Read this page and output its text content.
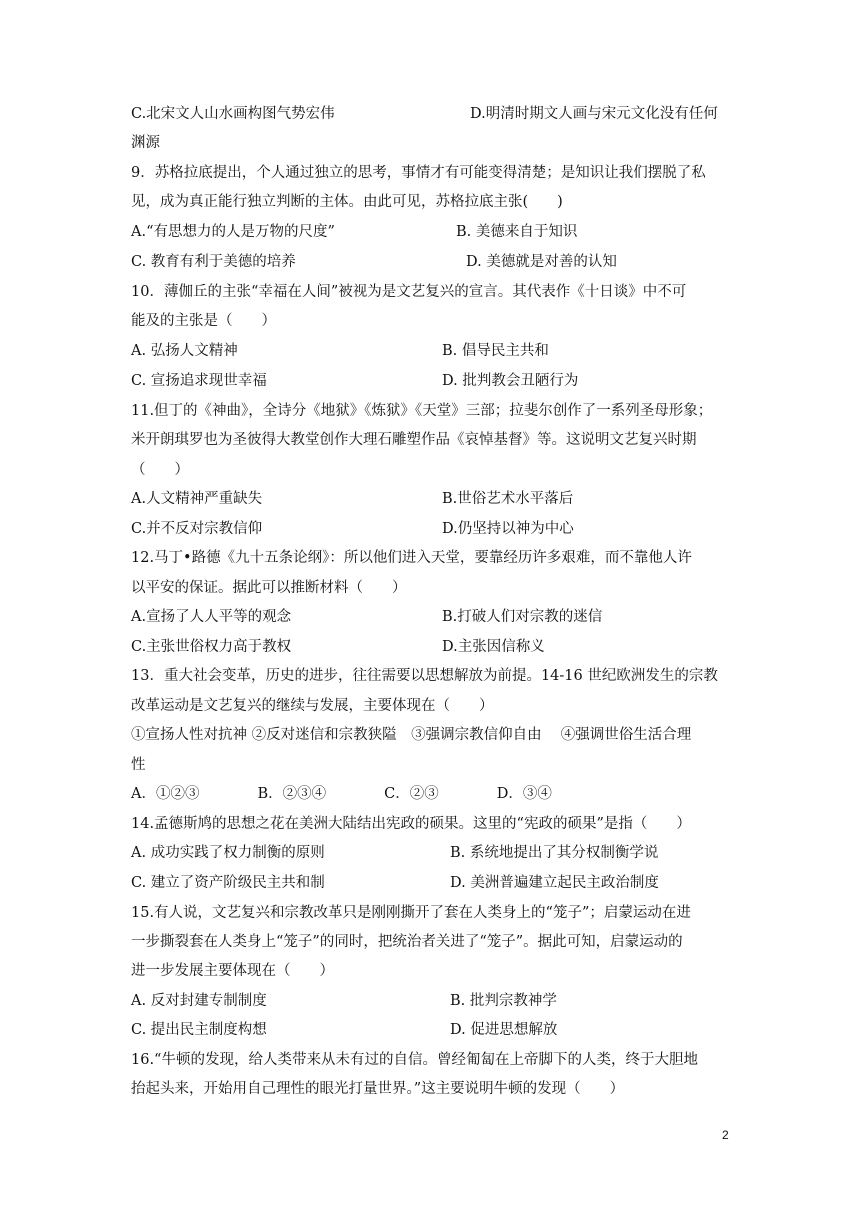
C.北宋文人山水画构图气势宏伟	D.明清时期文人画与宋元文化没有任何
渊源
9．苏格拉底提出，个人通过独立的思考，事情才有可能变得清楚；是知识让我们摆脱了私
见，成为真正能行独立判断的主体。由此可见，苏格拉底主张(　　)
A.“有思想力的人是万物的尺度”	B. 美德来自于知识
C. 教育有利于美德的培养	D. 美德就是对善的认知
10．薄伽丘的主张“幸福在人间”被视为是文艺复兴的宣言。其代表作《十日谈》中不可
能及的主张是（　　）
A. 弘扬人文精神	B. 倡导民主共和
C. 宣扬追求现世幸福	D. 批判教会丑陋行为
11.但丁的《神曲》，全诗分《地狱》《炼狱》《天堂》三部；拉斐尔创作了一系列圣母形象；
米开朗琪罗也为圣彼得大教堂创作大理石雕塑作品《哀悼基督》等。这说明文艺复兴时期
（　　）
A.人文精神严重缺失	B.世俗艺术水平落后
C.并不反对宗教信仰	D.仍坚持以神为中心
12.马丁•路德《九十五条论纲》：所以他们进入天堂，要靠经历许多艰难，而不靠他人许
以平安的保证。据此可以推断材料（　　）
A.宣扬了人人平等的观念	B.打破人们对宗教的迷信
C.主张世俗权力高于教权	D.主张因信称义
13．重大社会变革，历史的进步，往往需要以思想解放为前提。14-16 世纪欧洲发生的宗教
改革运动是文艺复兴的继续与发展，主要体现在（　　）
①宣扬人性对抗神 ②反对迷信和宗教狭隘　③强调宗教信仰自由　 ④强调世俗生活合理
性
A．①②③　　　　B．②③④　　　　C．②③　　　　D．③④
14.孟德斯鸠的思想之花在美洲大陆结出宪政的硕果。这里的“宪政的硕果”是指（　　）
A. 成功实践了权力制衡的原则	B. 系统地提出了其分权制衡学说
C. 建立了资产阶级民主共和制	D. 美洲普遍建立起民主政治制度
15.有人说，文艺复兴和宗教改革只是刚刚撕开了套在人类身上的“笼子”；启蒙运动在进
一步撕裂套在人类身上“笼子”的同时，把统治者关进了“笼子”。据此可知，启蒙运动的
进一步发展主要体现在（　　）
A. 反对封建专制制度	B. 批判宗教神学
C. 提出民主制度构想	D. 促进思想解放
16.“牛顿的发现，给人类带来从未有过的自信。曾经匍匐在上帝脚下的人类，终于大胆地
抬起头来，开始用自己理性的眼光打量世界。”这主要说明牛顿的发现（　　）
2
